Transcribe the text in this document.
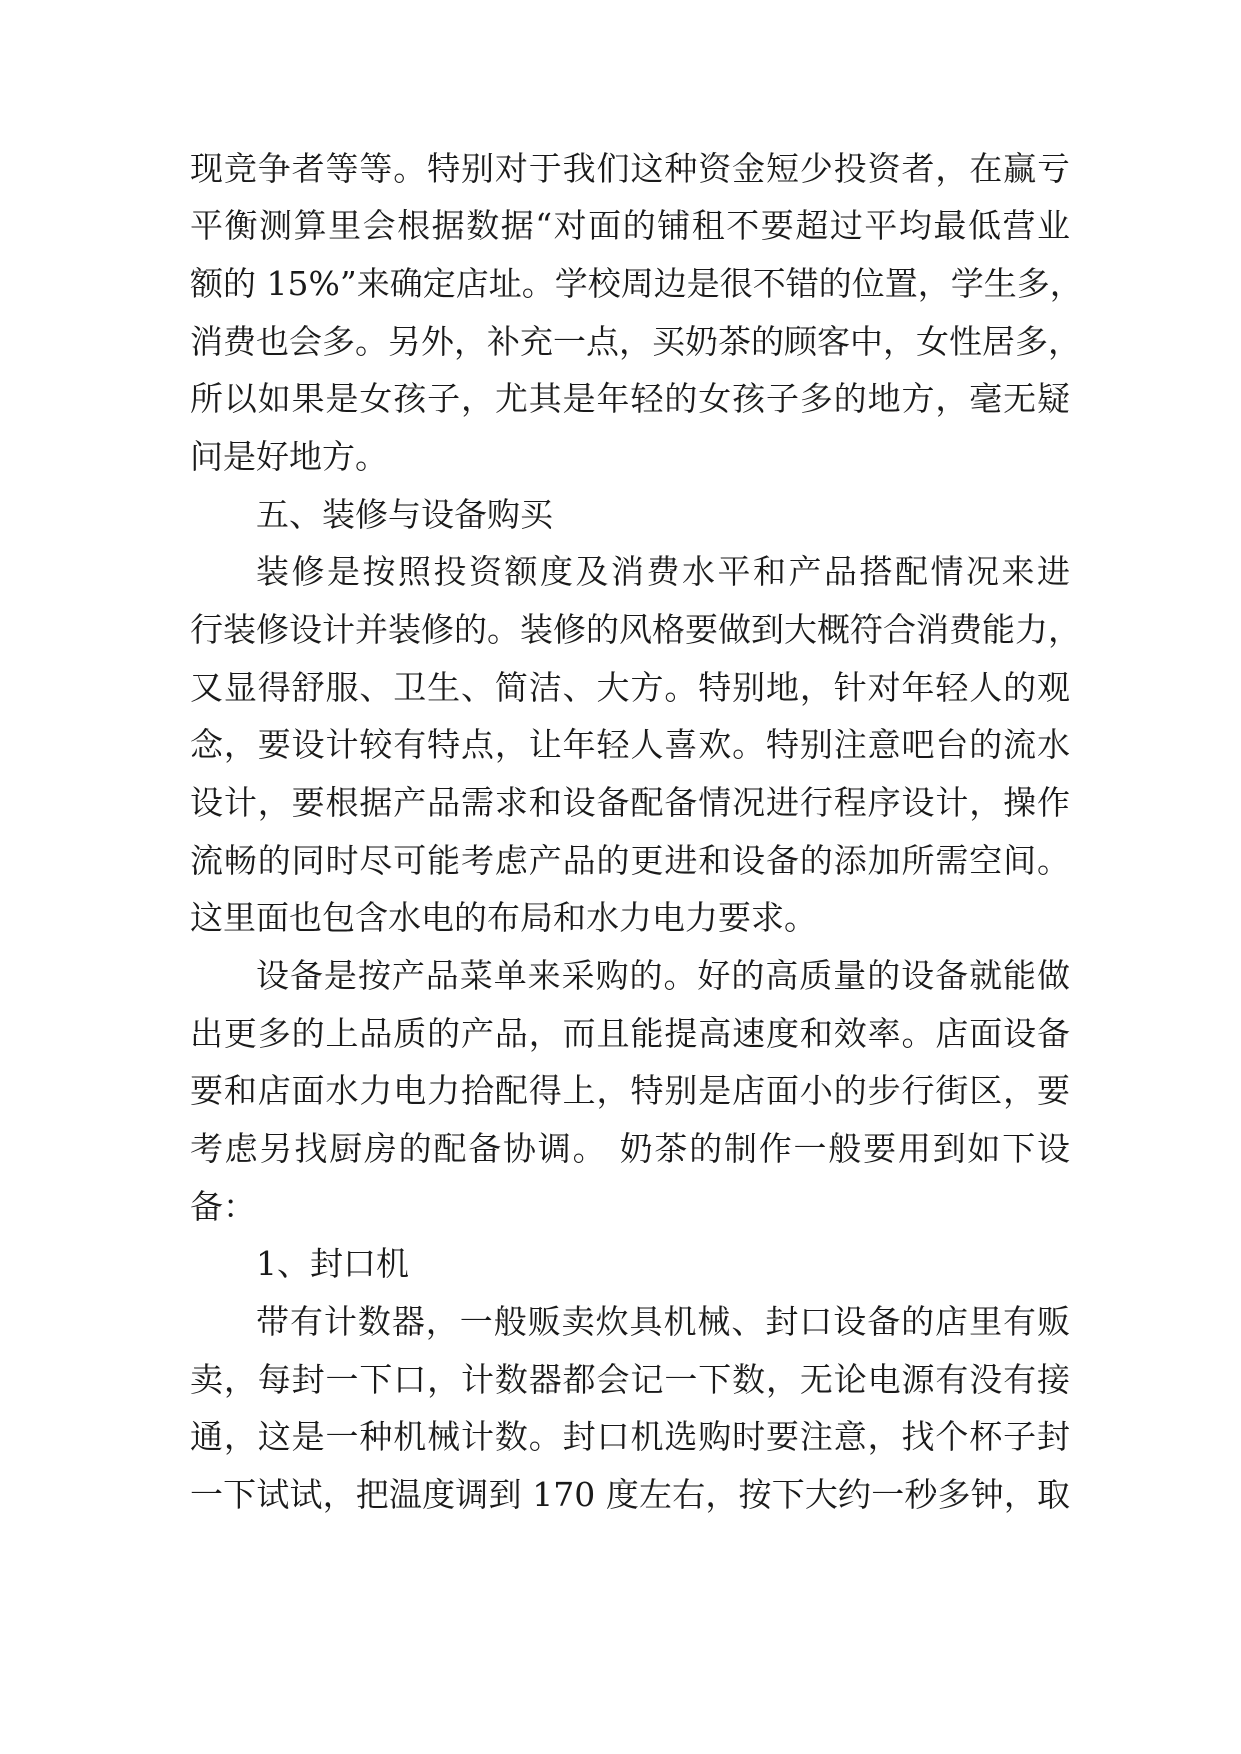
现竞争者等等。特别对于我们这种资金短少投资者，在赢亏
平衡测算里会根据数据“对面的铺租不要超过平均最低营业
额的 15%”来确定店址。学校周边是很不错的位置，学生多，
消费也会多。另外，补充一点，买奶茶的顾客中，女性居多，
所以如果是女孩子，尤其是年轻的女孩子多的地方，毫无疑
问是好地方。
五、装修与设备购买
装修是按照投资额度及消费水平和产品搭配情况来进
行装修设计并装修的。装修的风格要做到大概符合消费能力，
又显得舒服、卫生、简洁、大方。特别地，针对年轻人的观
念，要设计较有特点，让年轻人喜欢。特别注意吧台的流水
设计，要根据产品需求和设备配备情况进行程序设计，操作
流畅的同时尽可能考虑产品的更进和设备的添加所需空间。
这里面也包含水电的布局和水力电力要求。
设备是按产品菜单来采购的。好的高质量的设备就能做
出更多的上品质的产品，而且能提高速度和效率。店面设备
要和店面水力电力拾配得上，特别是店面小的步行街区，要
考虑另找厨房的配备协调。 奶茶的制作一般要用到如下设
备：
1、封口机
带有计数器，一般贩卖炊具机械、封口设备的店里有贩
卖，每封一下口，计数器都会记一下数，无论电源有没有接
通，这是一种机械计数。封口机选购时要注意，找个杯子封
一下试试，把温度调到 170 度左右，按下大约一秒多钟，取
